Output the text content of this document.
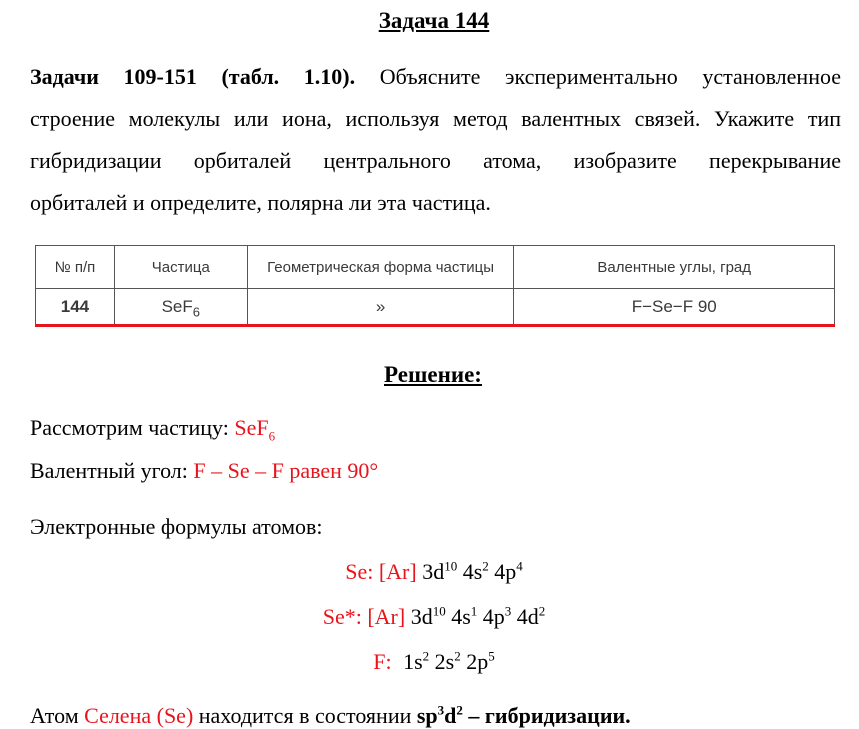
Задача 144
Задачи 109-151 (табл. 1.10). Объясните экспериментально установленное
строение молекулы или иона, используя метод валентных связей. Укажите тип
гибридизации орбиталей центрального атома, изобразите перекрывание
орбиталей и определите, полярна ли эта частица.
№ п/п	Частица	Геометрическая форма частицы	Валентные углы, град
144	SeF$_6$	»	F−Se−F 90
Решение:
Рассмотрим частицу: SeF$_6$
Валентный угол: F – Se – F равен 90°
Электронные формулы атомов:
Se: [Ar] $3d^{10}$ $4s^2$ $4p^4$
Se*: [Ar] $3d^{10}$ $4s^1$ $4p^3$ $4d^2$
F: $1s^2$ $2s^2$ $2p^5$
Атом Селена (Se) находится в состоянии $sp^3d^2$ – гибридизации.
